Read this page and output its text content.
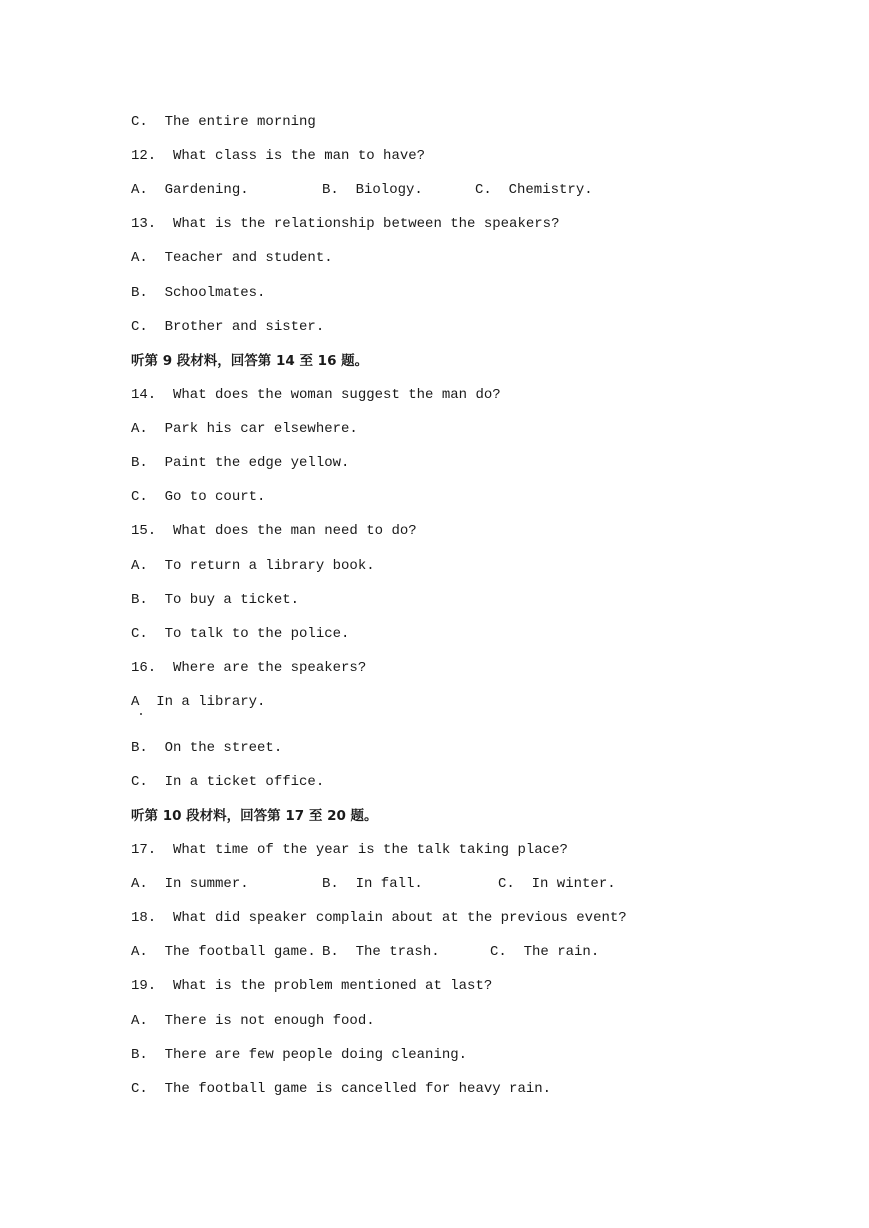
C.  The entire morning

12.  What class is the man to have?

A.  Gardening.

	B.  Biology.

	C.  Chemistry.

13.  What is the relationship between the speakers?

A.  Teacher and student.

B.  Schoolmates.

C.  Brother and sister.

听第 9 段材料，回答第 14 至 16 题。

14.  What does the woman suggest the man do?

A.  Park his car elsewhere.

B.  Paint the edge yellow.

C.  Go to court.

15.  What does the man need to do?

A.  To return a library book.

B.  To buy a ticket.

C.  To talk to the police.

16.  Where are the speakers?

A  In a library.

B.  On the street.

C.  In a ticket office.

听第 10 段材料，回答第 17 至 20 题。

17.  What time of the year is the talk taking place?

A.  In summer.

	B.  In fall.

	C.  In winter.

18.  What did speaker complain about at the previous event?

A.  The football game.

B.  The trash.

	C.  The rain.

19.  What is the problem mentioned at last?

A.  There is not enough food.

B.  There are few people doing cleaning.

C.  The football game is cancelled for heavy rain.
